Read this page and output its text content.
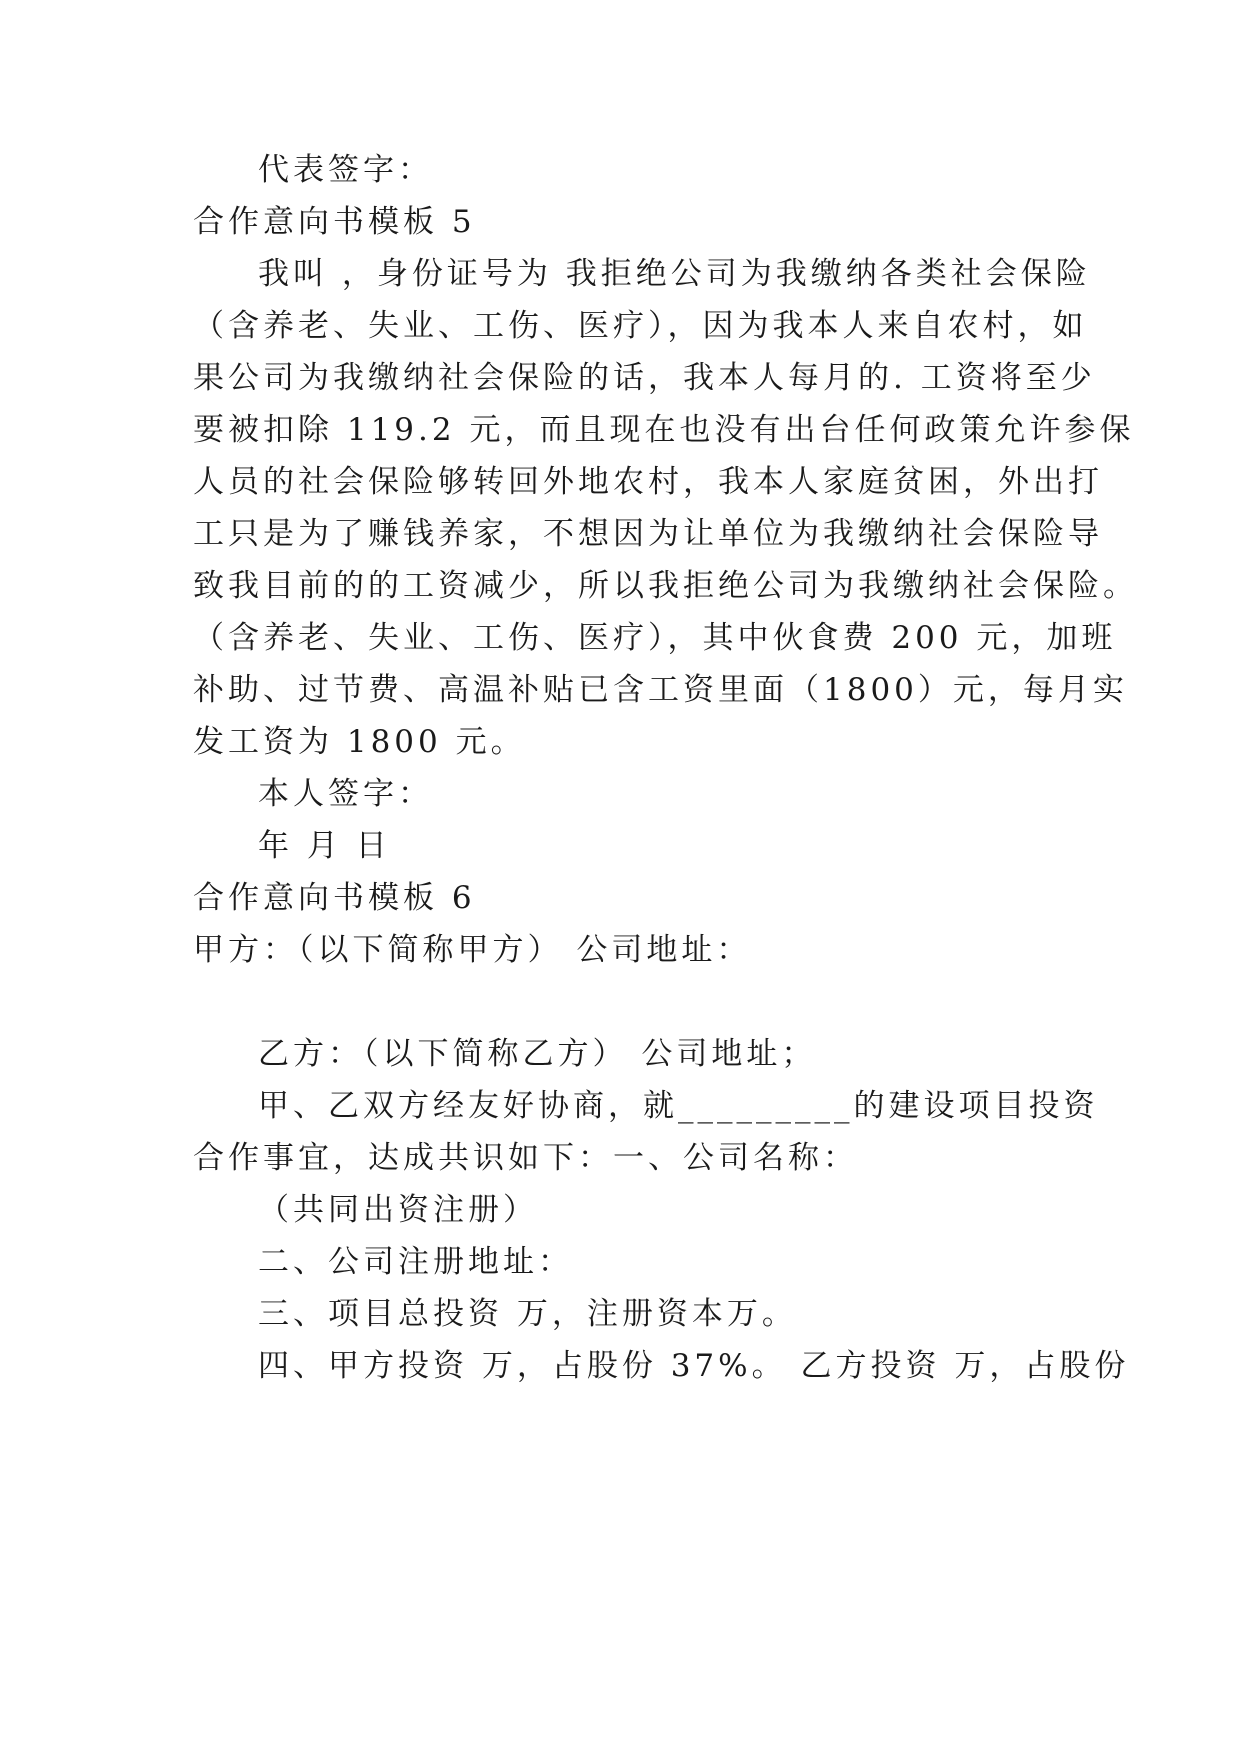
代表签字：
合作意向书模板 5
我叫 ，身份证号为 我拒绝公司为我缴纳各类社会保险
（含养老、失业、工伤、医疗），因为我本人来自农村，如
果公司为我缴纳社会保险的话，我本人每月的. 工资将至少
要被扣除 119.2 元，而且现在也没有出台任何政策允许参保
人员的社会保险够转回外地农村，我本人家庭贫困，外出打
工只是为了赚钱养家，不想因为让单位为我缴纳社会保险导
致我目前的的工资减少，所以我拒绝公司为我缴纳社会保险。
（含养老、失业、工伤、医疗），其中伙食费 200 元，加班
补助、过节费、高温补贴已含工资里面（1800）元，每月实
发工资为 1800 元。
本人签字：
年 月 日
合作意向书模板 6
甲方：（以下简称甲方） 公司地址：
乙方：（以下简称乙方） 公司地址；
甲、乙双方经友好协商，就_________的建设项目投资
合作事宜，达成共识如下：一、公司名称：
（共同出资注册）
二、公司注册地址：
三、项目总投资 万，注册资本万。
四、甲方投资 万，占股份 37%。 乙方投资 万，占股份
